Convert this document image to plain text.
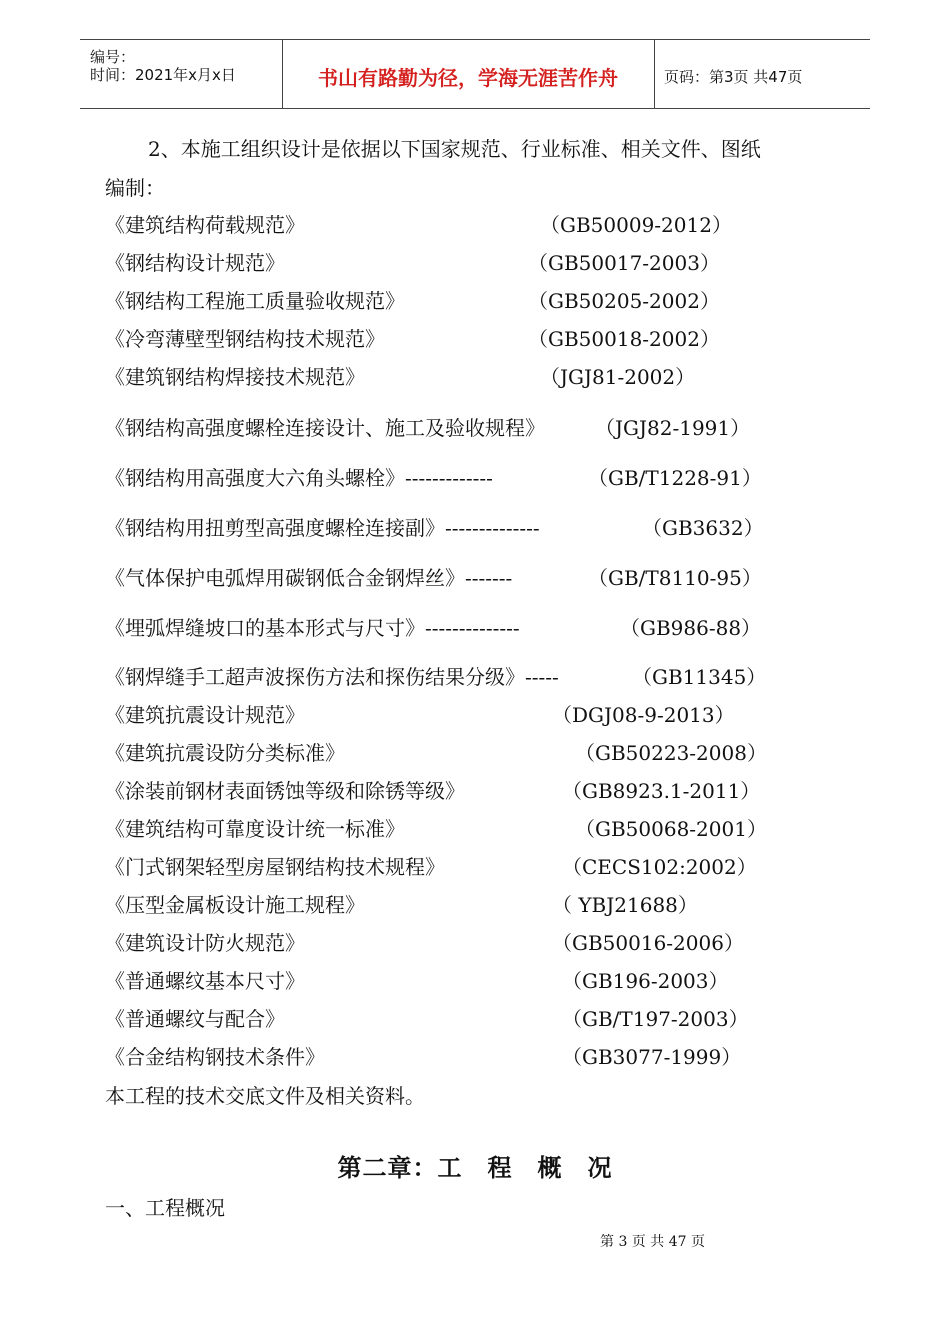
编号：
时间：2021年x月x日	书山有路勤为径，学海无涯苦作舟	页码：第3页 共47页
2、本施工组织设计是依据以下国家规范、行业标准、相关文件、图纸
编制：
《建筑结构荷载规范》	（GB50009-2012）
《钢结构设计规范》	（GB50017-2003）
《钢结构工程施工质量验收规范》	（GB50205-2002）
《冷弯薄壁型钢结构技术规范》	（GB50018-2002）
《建筑钢结构焊接技术规范》	（JGJ81-2002）
《钢结构高强度螺栓连接设计、施工及验收规程》	（JGJ82-1991）
《钢结构用高强度大六角头螺栓》-------------	（GB/T1228-91）
《钢结构用扭剪型高强度螺栓连接副》--------------	（GB3632）
《气体保护电弧焊用碳钢低合金钢焊丝》-------	（GB/T8110-95）
《埋弧焊缝坡口的基本形式与尺寸》--------------	（GB986-88）
《钢焊缝手工超声波探伤方法和探伤结果分级》-----	（GB11345）
《建筑抗震设计规范》	（DGJ08-9-2013）
《建筑抗震设防分类标准》	（GB50223-2008）
《涂装前钢材表面锈蚀等级和除锈等级》	（GB8923.1-2011）
《建筑结构可靠度设计统一标准》	（GB50068-2001）
《门式钢架轻型房屋钢结构技术规程》	（CECS102:2002）
《压型金属板设计施工规程》	（ YBJ21688）
《建筑设计防火规范》	（GB50016-2006）
《普通螺纹基本尺寸》	（GB196-2003）
《普通螺纹与配合》	（GB/T197-2003）
《合金结构钢技术条件》	（GB3077-1999）
本工程的技术交底文件及相关资料。
第二章：工　程　概　况
一、工程概况
第 3 页 共 47 页
